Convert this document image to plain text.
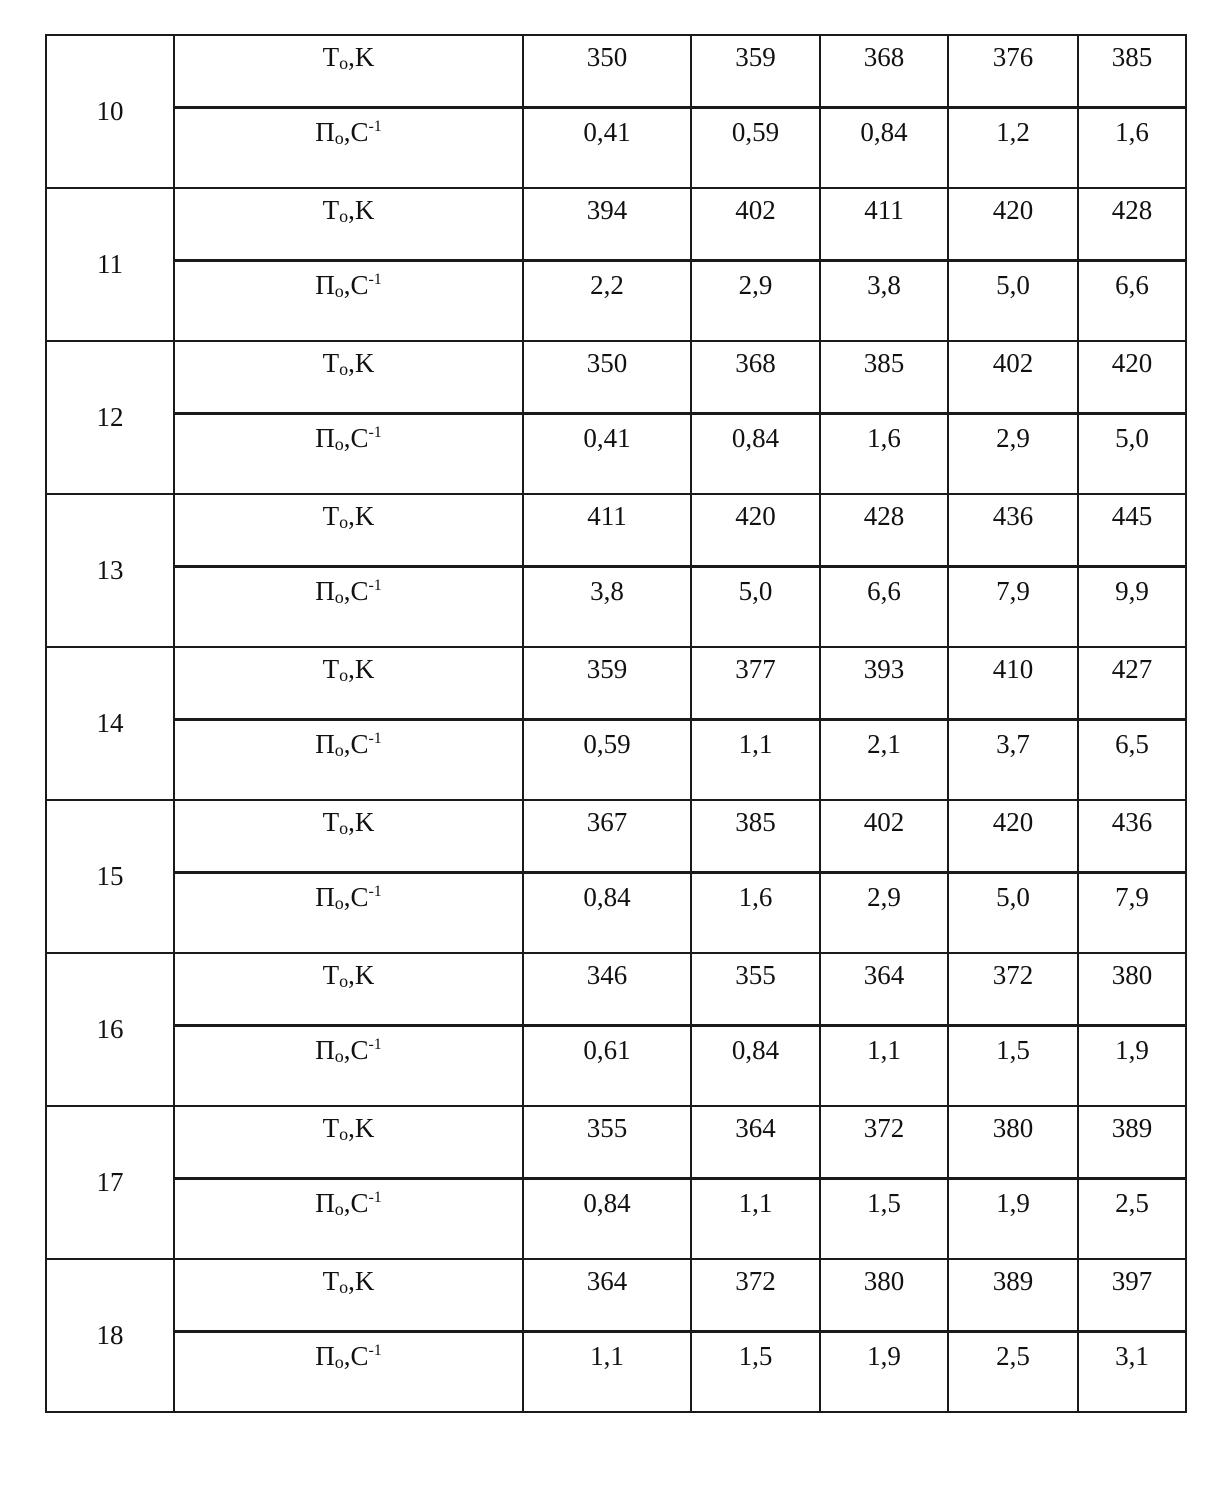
10	$T_o,K$	350	359	368	376	385
	$П_o,C^{-1}$	0,41	0,59	0,84	1,2	1,6
11	$T_o,K$	394	402	411	420	428
	$П_o,C^{-1}$	2,2	2,9	3,8	5,0	6,6
12	$T_o,K$	350	368	385	402	420
	$П_o,C^{-1}$	0,41	0,84	1,6	2,9	5,0
13	$T_o,K$	411	420	428	436	445
	$П_o,C^{-1}$	3,8	5,0	6,6	7,9	9,9
14	$T_o,K$	359	377	393	410	427
	$П_o,C^{-1}$	0,59	1,1	2,1	3,7	6,5
15	$T_o,K$	367	385	402	420	436
	$П_o,C^{-1}$	0,84	1,6	2,9	5,0	7,9
16	$T_o,K$	346	355	364	372	380
	$П_o,C^{-1}$	0,61	0,84	1,1	1,5	1,9
17	$T_o,K$	355	364	372	380	389
	$П_o,C^{-1}$	0,84	1,1	1,5	1,9	2,5
18	$T_o,K$	364	372	380	389	397
	$П_o,C^{-1}$	1,1	1,5	1,9	2,5	3,1
